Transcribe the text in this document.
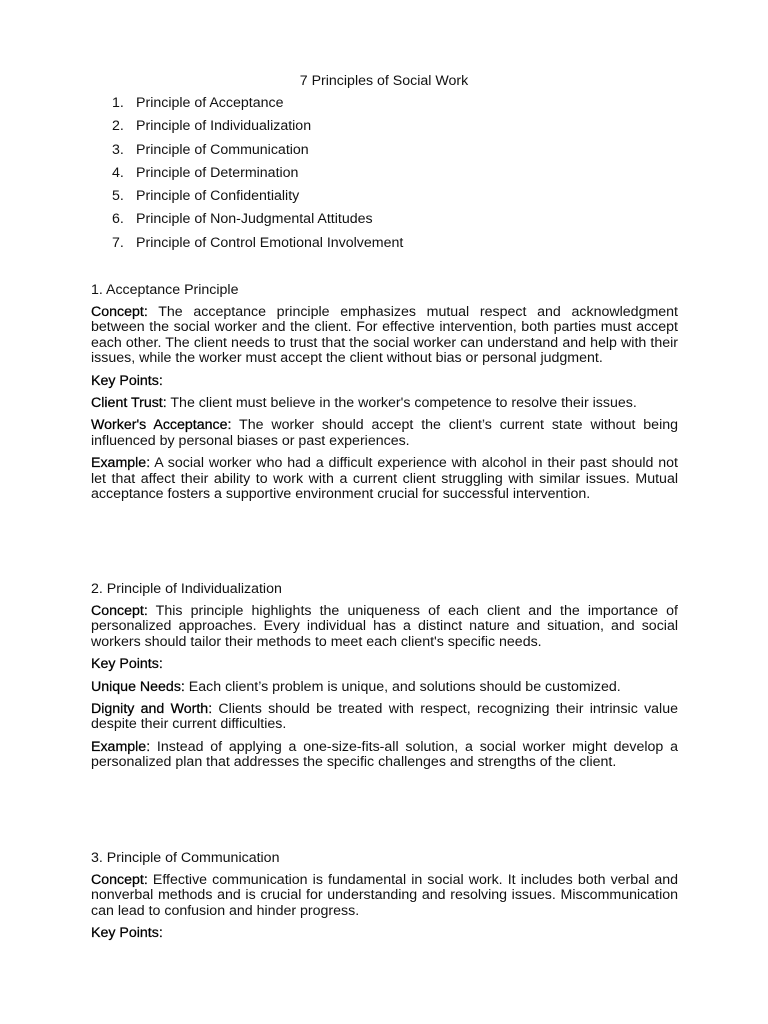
7 Principles of Social Work
1. Principle of Acceptance
2. Principle of Individualization
3. Principle of Communication
4. Principle of Determination
5. Principle of Confidentiality
6. Principle of Non-Judgmental Attitudes
7. Principle of Control Emotional Involvement
1. Acceptance Principle

Concept: The acceptance principle emphasizes mutual respect and acknowledgment between the social worker and the client. For effective intervention, both parties must accept each other. The client needs to trust that the social worker can understand and help with their issues, while the worker must accept the client without bias or personal judgment.

Key Points:

Client Trust: The client must believe in the worker's competence to resolve their issues.

Worker's Acceptance: The worker should accept the client’s current state without being influenced by personal biases or past experiences.

Example: A social worker who had a difficult experience with alcohol in their past should not let that affect their ability to work with a current client struggling with similar issues. Mutual acceptance fosters a supportive environment crucial for successful intervention.

2. Principle of Individualization

Concept: This principle highlights the uniqueness of each client and the importance of personalized approaches. Every individual has a distinct nature and situation, and social workers should tailor their methods to meet each client's specific needs.

Key Points:

Unique Needs: Each client’s problem is unique, and solutions should be customized.

Dignity and Worth: Clients should be treated with respect, recognizing their intrinsic value despite their current difficulties.

Example: Instead of applying a one-size-fits-all solution, a social worker might develop a personalized plan that addresses the specific challenges and strengths of the client.

3. Principle of Communication

Concept: Effective communication is fundamental in social work. It includes both verbal and nonverbal methods and is crucial for understanding and resolving issues. Miscommunication can lead to confusion and hinder progress.

Key Points:
